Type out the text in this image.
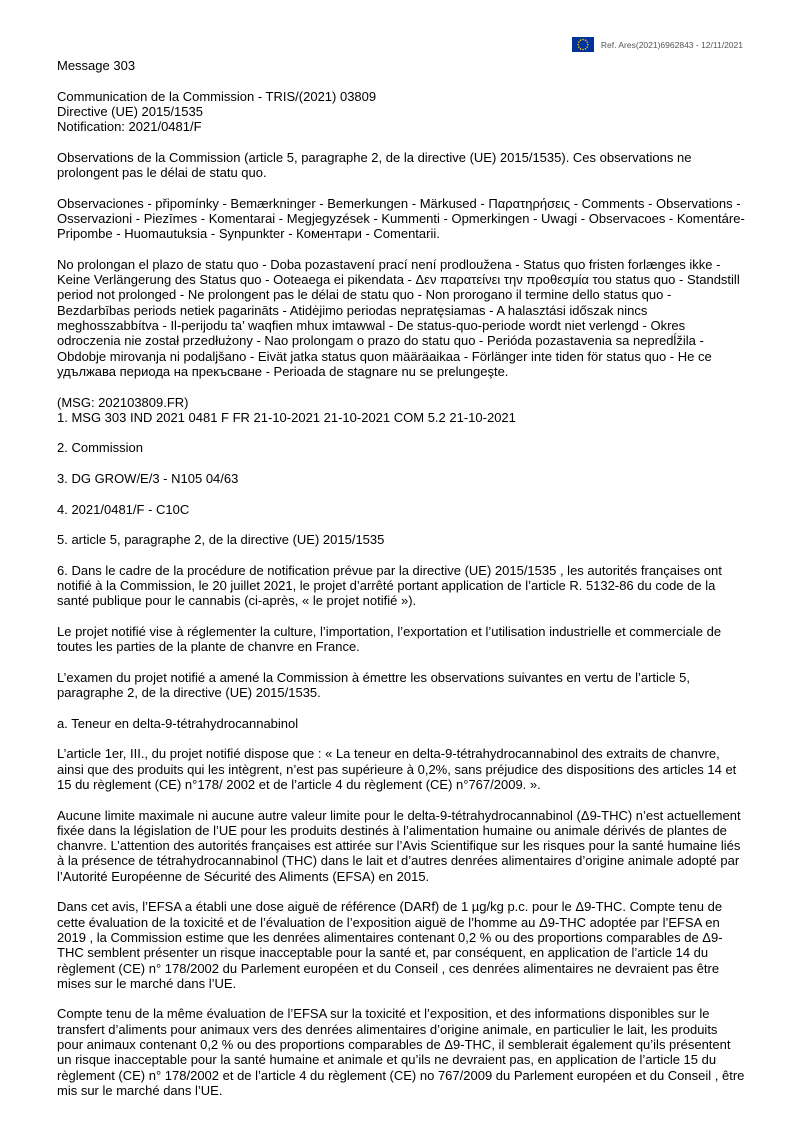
Ref. Ares(2021)6962843 - 12/11/2021

Message 303

Communication de la Commission - TRIS/(2021) 03809

Directive (UE) 2015/1535

Notification: 2021/0481/F

Observations de la Commission (article 5, paragraphe 2, de la directive (UE) 2015/1535). Ces observations ne prolongent pas le délai de statu quo.

Observaciones - připomínky - Bemærkninger - Bemerkungen - Märkused - Παρατηρήσεις - Comments - Observations - Osservazioni - Piezīmes - Komentarai - Megjegyzések - Kummenti - Opmerkingen - Uwagi - Observacoes - Komentáre-Pripombe - Huomautuksia - Synpunkter - Коментари - Comentarii.

No prolongan el plazo de statu quo - Doba pozastavení prací není prodloužena - Status quo fristen forlænges ikke - Keine Verlängerung des Status quo - Ooteaega ei pikendata - Δεν παρατείνει την προθεσμία του status quo - Standstill period not prolonged - Ne prolongent pas le délai de statu quo - Non prorogano il termine dello status quo - Bezdarbības periods netiek pagarināts - Atidėjimo periodas nepratęsiamas - A halasztási időszak nincs meghosszabbítva - Il-perijodu ta’ waqfien mhux imtawwal - De status-quo-periode wordt niet verlengd - Okres odroczenia nie został przedłużony - Nao prolongam o prazo do statu quo - Perióda pozastavenia sa nepredĺžila - Obdobje mirovanja ni podaljšano - Eivät jatka status quon määräaikaa - Förlänger inte tiden för status quo - Не се удължава периода на прекъсване - Perioada de stagnare nu se prelungeşte.

(MSG: 202103809.FR)

1. MSG 303 IND 2021 0481 F FR 21-10-2021 21-10-2021 COM 5.2 21-10-2021

2. Commission

3. DG GROW/E/3 - N105 04/63

4. 2021/0481/F - C10C

5. article 5, paragraphe 2, de la directive (UE) 2015/1535

6. Dans le cadre de la procédure de notification prévue par la directive (UE) 2015/1535 , les autorités françaises ont notifié à la Commission, le 20 juillet 2021, le projet d’arrêté portant application de l’article R. 5132-86 du code de la santé publique pour le cannabis (ci-après, « le projet notifié »).

Le projet notifié vise à réglementer la culture, l’importation, l’exportation et l’utilisation industrielle et commerciale de toutes les parties de la plante de chanvre en France.

L’examen du projet notifié a amené la Commission à émettre les observations suivantes en vertu de l’article 5, paragraphe 2, de la directive (UE) 2015/1535.

a. Teneur en delta-9-tétrahydrocannabinol

L’article 1er, III., du projet notifié dispose que : « La teneur en delta-9-tétrahydrocannabinol des extraits de chanvre, ainsi que des produits qui les intègrent, n’est pas supérieure à 0,2%, sans préjudice des dispositions des articles 14 et 15 du règlement (CE) n°178/ 2002 et de l’article 4 du règlement (CE) n°767/2009. ».

Aucune limite maximale ni aucune autre valeur limite pour le delta-9-tétrahydrocannabinol (Δ9-THC) n’est actuellement fixée dans la législation de l’UE pour les produits destinés à l’alimentation humaine ou animale dérivés de plantes de chanvre. L’attention des autorités françaises est attirée sur l’Avis Scientifique sur les risques pour la santé humaine liés à la présence de tétrahydrocannabinol (THC) dans le lait et d’autres denrées alimentaires d’origine animale adopté par l’Autorité Européenne de Sécurité des Aliments (EFSA) en 2015.

Dans cet avis, l’EFSA a établi une dose aiguë de référence (DARf) de 1 µg/kg p.c. pour le Δ9-THC. Compte tenu de cette évaluation de la toxicité et de l’évaluation de l’exposition aiguë de l’homme au Δ9-THC adoptée par l’EFSA en 2019 , la Commission estime que les denrées alimentaires contenant 0,2 % ou des proportions comparables de Δ9-THC semblent présenter un risque inacceptable pour la santé et, par conséquent, en application de l’article 14 du règlement (CE) n° 178/2002 du Parlement européen et du Conseil , ces denrées alimentaires ne devraient pas être mises sur le marché dans l’UE.

Compte tenu de la même évaluation de l’EFSA sur la toxicité et l’exposition, et des informations disponibles sur le transfert d’aliments pour animaux vers des denrées alimentaires d’origine animale, en particulier le lait, les produits pour animaux contenant 0,2 % ou des proportions comparables de Δ9-THC, il semblerait également qu’ils présentent un risque inacceptable pour la santé humaine et animale et qu’ils ne devraient pas, en application de l’article 15 du règlement (CE) n° 178/2002 et de l’article 4 du règlement (CE) no 767/2009 du Parlement européen et du Conseil , être mis sur le marché dans l’UE.
